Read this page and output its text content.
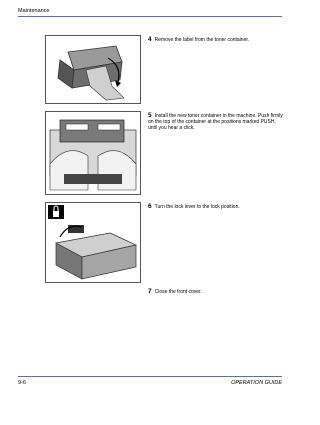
Maintenance
4 Remove the label from the toner container.
5 Install the new toner container in the machine. Push firmly on the top of the container at the positions marked PUSH, until you hear a click.
6 Turn the lock lever to the lock position.
7 Close the front cover.
9-6	OPERATION GUIDE
